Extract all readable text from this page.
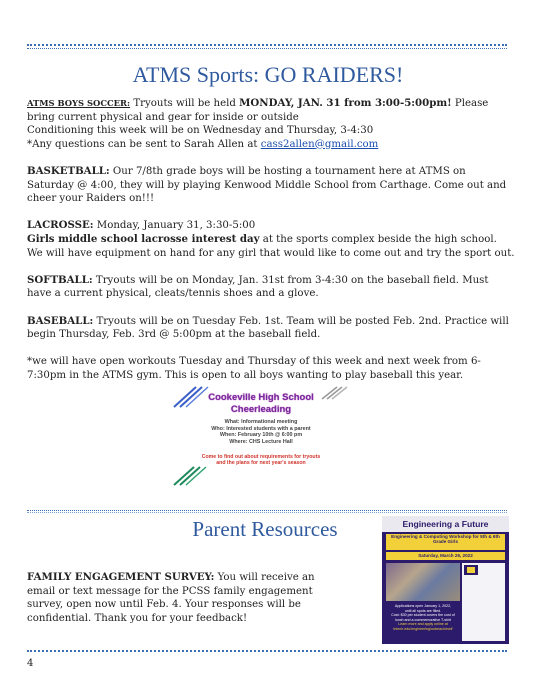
ATMS Sports: GO RAIDERS!

ATMS BOYS SOCCER: Tryouts will be held MONDAY, JAN. 31 from 3:00-5:00pm! Please bring current physical and gear for inside or outside
Conditioning this week will be on Wednesday and Thursday, 3-4:30
*Any questions can be sent to Sarah Allen at cass2allen@gmail.com

BASKETBALL: Our 7/8th grade boys will be hosting a tournament here at ATMS on Saturday @ 4:00, they will by playing Kenwood Middle School from Carthage. Come out and cheer your Raiders on!!!

LACROSSE: Monday, January 31, 3:30-5:00
Girls middle school lacrosse interest day at the sports complex beside the high school. We will have equipment on hand for any girl that would like to come out and try the sport out.

SOFTBALL: Tryouts will be on Monday, Jan. 31st from 3-4:30 on the baseball field. Must have a current physical, cleats/tennis shoes and a glove.

BASEBALL: Tryouts will be on Tuesday Feb. 1st. Team will be posted Feb. 2nd. Practice will begin Thursday, Feb. 3rd @ 5:00pm at the baseball field.

*we will have open workouts Tuesday and Thursday of this week and next week from 6-7:30pm in the ATMS gym. This is open to all boys wanting to play baseball this year.

Cookeville High School
Cheerleading
What: Informational meeting
Who: Interested students with a parent
When: February 10th @ 6:00 pm
Where: CHS Lecture Hall
Come to find out about requirements for tryouts
and the plans for next year's season
Parent Resources
FAMILY ENGAGEMENT SURVEY: You will receive an email or text message for the PCSS family engagement survey, open now until Feb. 4. Your responses will be confidential. Thank you for your feedback!
Engineering a Future
Engineering & Computing Workshop for 5th & 6th Grade Girls
Saturday, March 26, 2022
Applications open January 1, 2022,
until all spots are filled.
Cost: $30 per student covers the cost of
lunch and a commemorative T-shirt
Learn more and apply online at
tntech.edu/engineering/outreach/ewf/
4
